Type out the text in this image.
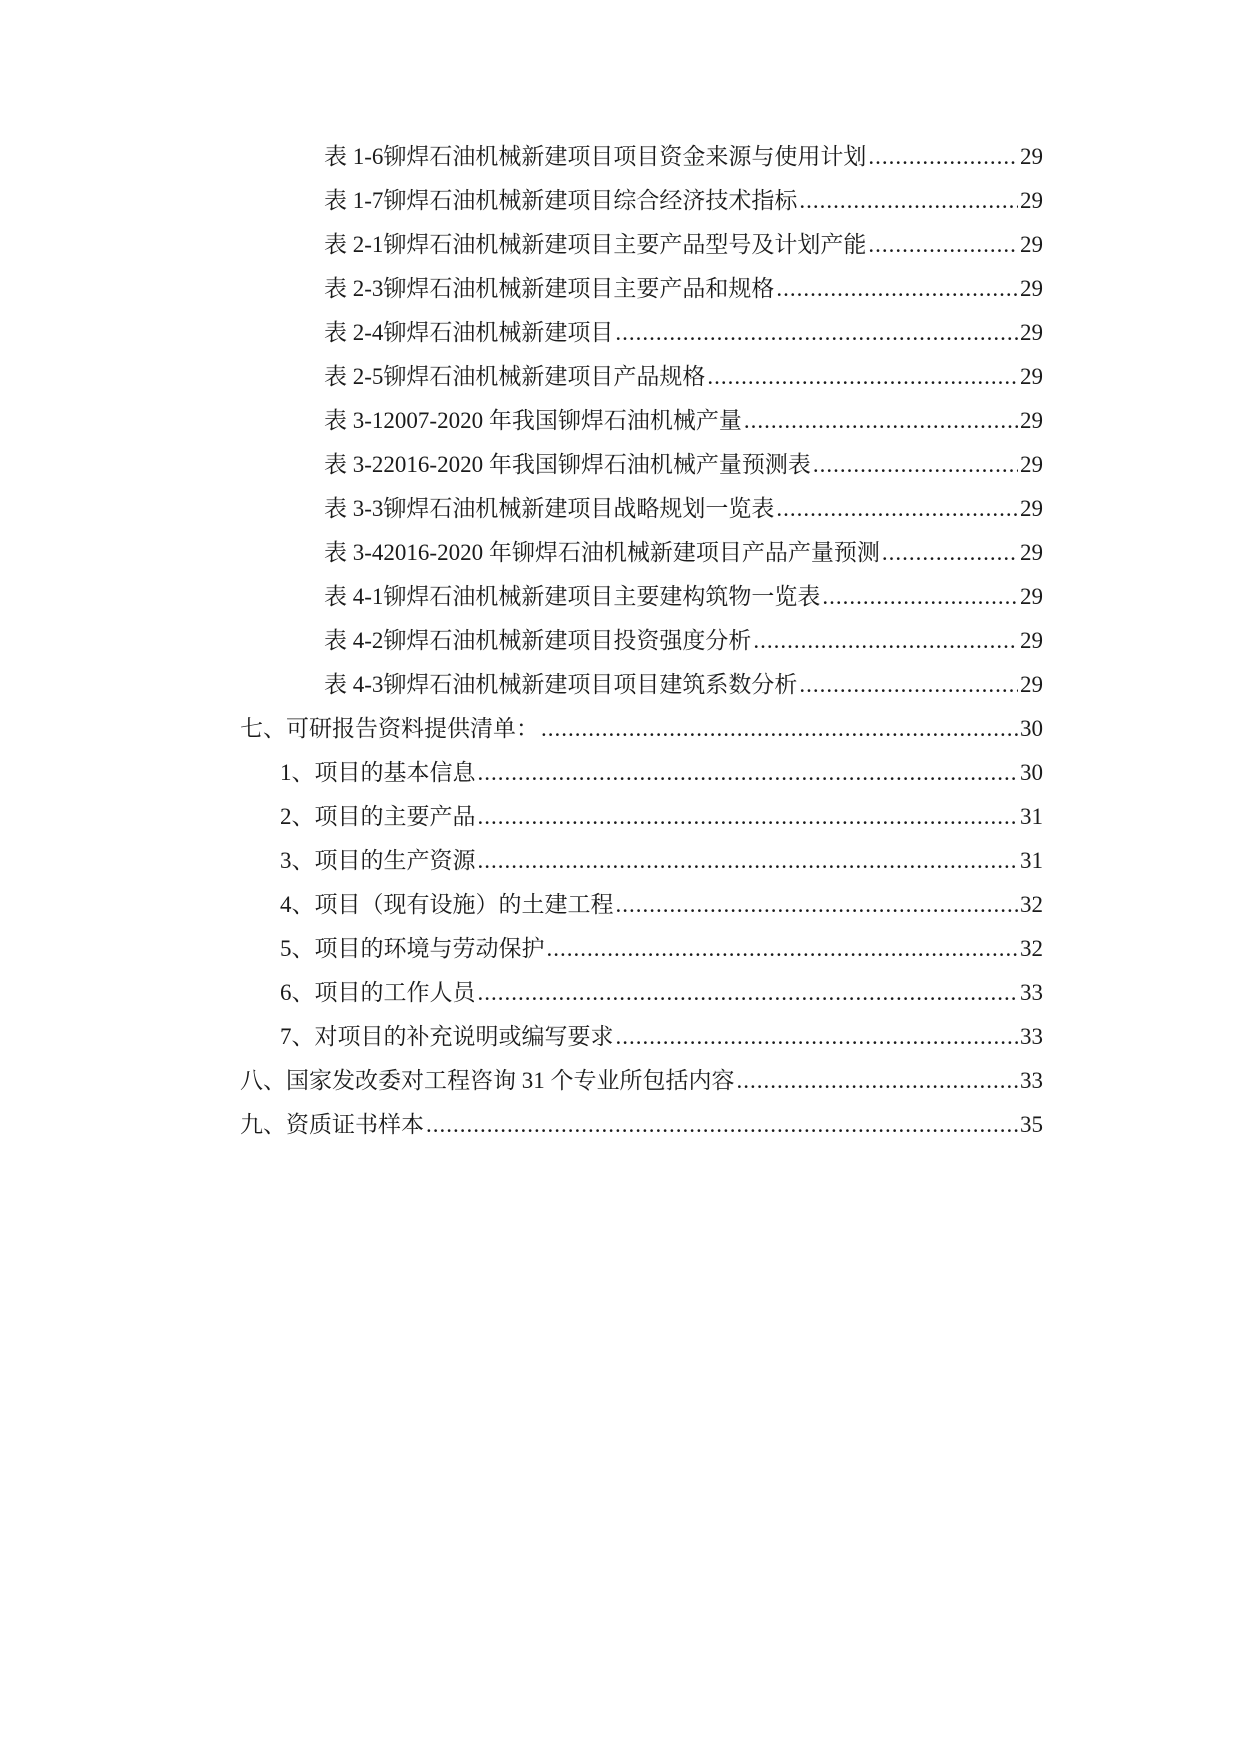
表 1-6 铆焊石油机械新建项目项目资金来源与使用计划 .....	29
表 1-7 铆焊石油机械新建项目综合经济技术指标 .....	29
表 2-1 铆焊石油机械新建项目主要产品型号及计划产能 .....	29
表 2-3 铆焊石油机械新建项目主要产品和规格 .....	29
表 2-4 铆焊石油机械新建项目 .....	29
表 2-5 铆焊石油机械新建项目产品规格 .....	29
表 3-1 2007-2020 年我国铆焊石油机械产量 .....	29
表 3-2 2016-2020 年我国铆焊石油机械产量预测表 .....	29
表 3-3 铆焊石油机械新建项目战略规划一览表 .....	29
表 3-4 2016-2020 年铆焊石油机械新建项目产品产量预测 .....	29
表 4-1 铆焊石油机械新建项目主要建构筑物一览表 .....	29
表 4-2 铆焊石油机械新建项目投资强度分析 .....	29
表 4-3 铆焊石油机械新建项目项目建筑系数分析 .....	29
七、可研报告资料提供清单： .....	30
1、项目的基本信息 .....	30
2、项目的主要产品 .....	31
3、项目的生产资源 .....	31
4、项目（现有设施）的土建工程 .....	32
5、项目的环境与劳动保护 .....	32
6、项目的工作人员 .....	33
7、对项目的补充说明或编写要求 .....	33
八、国家发改委对工程咨询 31 个专业所包括内容 .....	33
九、 资质证书样本 .....	35
